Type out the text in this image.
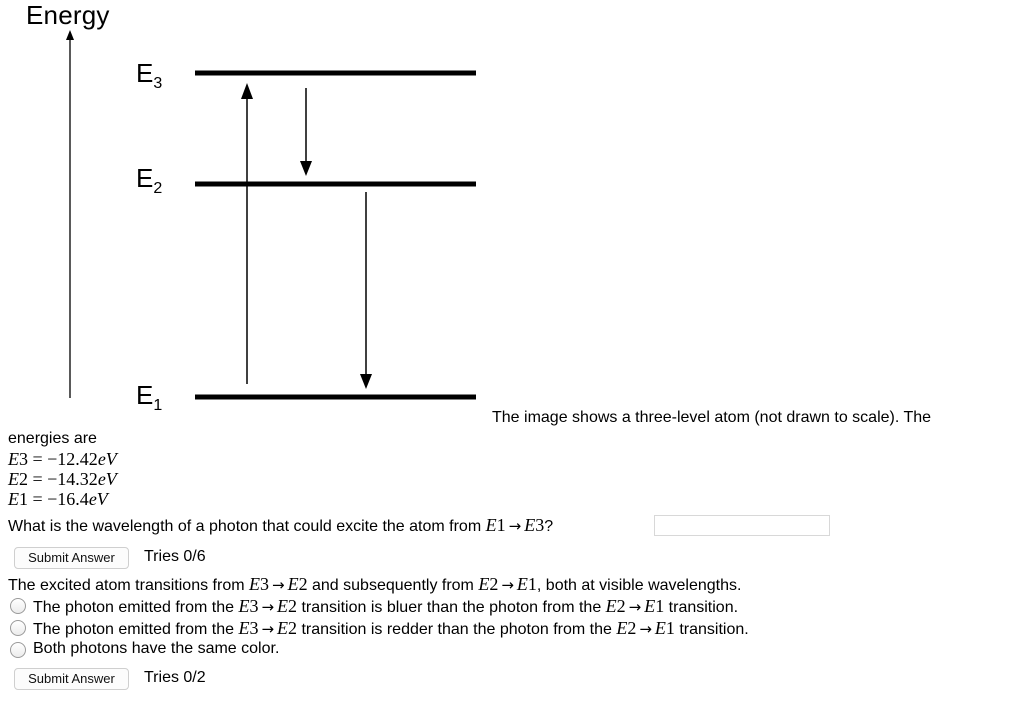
Energy
$E_3$
$E_2$
$E_1$
The image shows a three-level atom (not drawn to scale). The
energies are
E3 = −12.42eV
E2 = −14.32eV
E1 = −16.4eV
What is the wavelength of a photon that could excite the atom from E1 → E3?
Submit Answer	Tries 0/6
The excited atom transitions from E3 → E2 and subsequently from E2 → E1, both at visible wavelengths.
The photon emitted from the E3 → E2 transition is bluer than the photon from the E2 → E1 transition.
The photon emitted from the E3 → E2 transition is redder than the photon from the E2 → E1 transition.
Both photons have the same color.
Submit Answer	Tries 0/2
